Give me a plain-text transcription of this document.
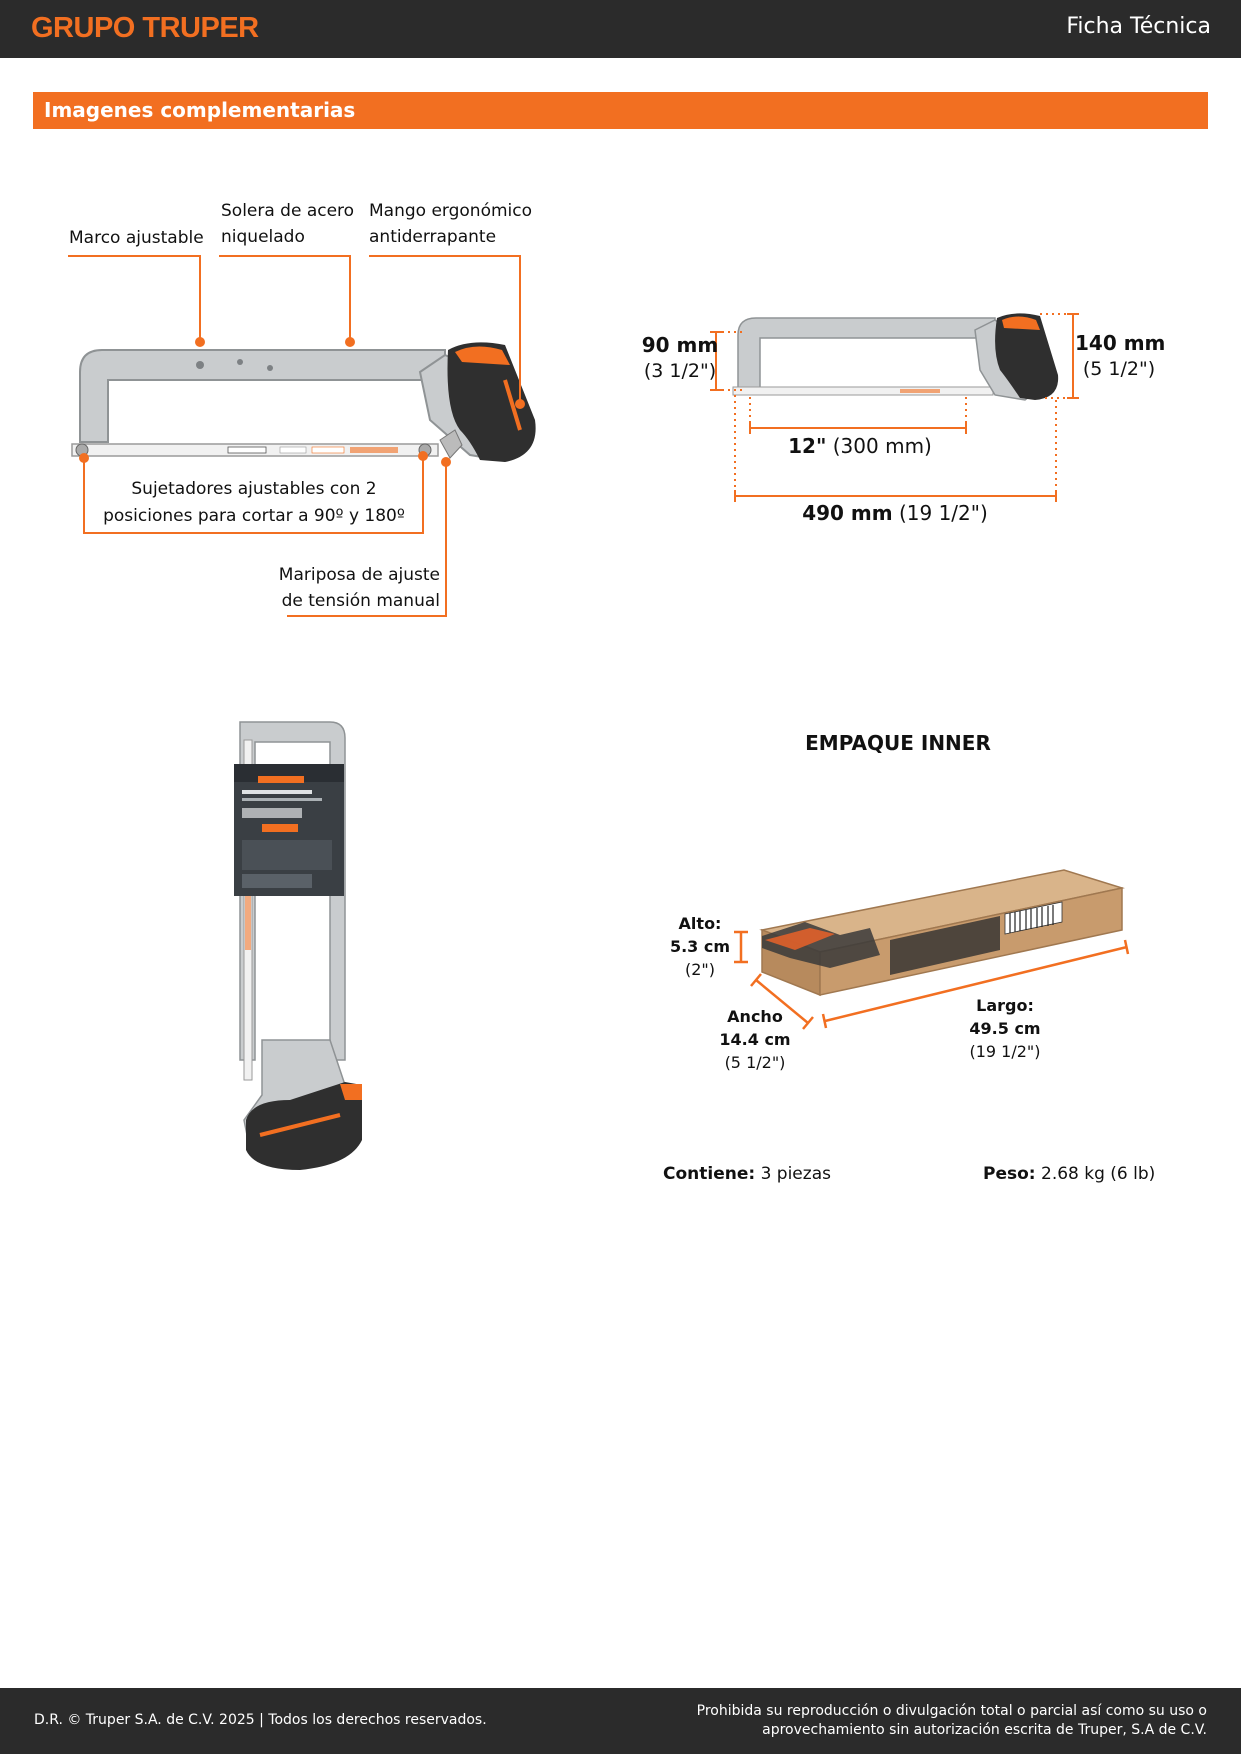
GRUPO TRUPER	Ficha Técnica
Imagenes complementarias
Marco ajustable
Solera de acero
niquelado
Mango ergonómico
antiderrapante
Sujetadores ajustables con 2
posiciones para cortar a 90º y 180º
Mariposa de ajuste
de tensión manual
90 mm
(3 1/2")
140 mm
(5 1/2")
12" (300 mm)
490 mm (19 1/2")
EMPAQUE INNER
Alto:
5.3 cm
(2")
Ancho
14.4 cm
(5 1/2")
Largo:
49.5 cm
(19 1/2")
Contiene: 3 piezas	Peso: 2.68 kg (6 lb)
D.R. © Truper S.A. de C.V. 2025 | Todos los derechos reservados.
Prohibida su reproducción o divulgación total o parcial así como su uso o
aprovechamiento sin autorización escrita de Truper, S.A de C.V.
